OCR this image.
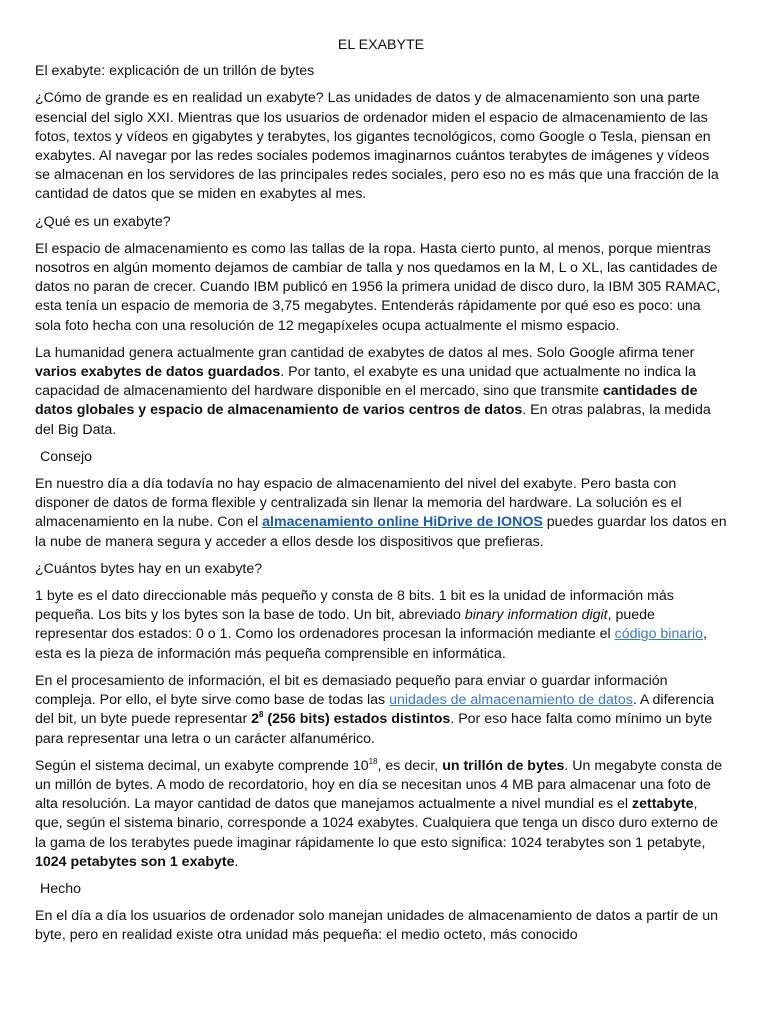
EL EXABYTE

El exabyte: explicación de un trillón de bytes

¿Cómo de grande es en realidad un exabyte? Las unidades de datos y de almacenamiento son una parte esencial del siglo XXI. Mientras que los usuarios de ordenador miden el espacio de almacenamiento de las fotos, textos y vídeos en gigabytes y terabytes, los gigantes tecnológicos, como Google o Tesla, piensan en exabytes. Al navegar por las redes sociales podemos imaginarnos cuántos terabytes de imágenes y vídeos se almacenan en los servidores de las principales redes sociales, pero eso no es más que una fracción de la cantidad de datos que se miden en exabytes al mes.

¿Qué es un exabyte?

El espacio de almacenamiento es como las tallas de la ropa. Hasta cierto punto, al menos, porque mientras nosotros en algún momento dejamos de cambiar de talla y nos quedamos en la M, L o XL, las cantidades de datos no paran de crecer. Cuando IBM publicó en 1956 la primera unidad de disco duro, la IBM 305 RAMAC, esta tenía un espacio de memoria de 3,75 megabytes. Entenderás rápidamente por qué eso es poco: una sola foto hecha con una resolución de 12 megapíxeles ocupa actualmente el mismo espacio.

La humanidad genera actualmente gran cantidad de exabytes de datos al mes. Solo Google afirma tener varios exabytes de datos guardados. Por tanto, el exabyte es una unidad que actualmente no indica la capacidad de almacenamiento del hardware disponible en el mercado, sino que transmite cantidades de datos globales y espacio de almacenamiento de varios centros de datos. En otras palabras, la medida del Big Data.

Consejo

En nuestro día a día todavía no hay espacio de almacenamiento del nivel del exabyte. Pero basta con disponer de datos de forma flexible y centralizada sin llenar la memoria del hardware. La solución es el almacenamiento en la nube. Con el almacenamiento online HiDrive de IONOS puedes guardar los datos en la nube de manera segura y acceder a ellos desde los dispositivos que prefieras.

¿Cuántos bytes hay en un exabyte?

1 byte es el dato direccionable más pequeño y consta de 8 bits. 1 bit es la unidad de información más pequeña. Los bits y los bytes son la base de todo. Un bit, abreviado binary information digit, puede representar dos estados: 0 o 1. Como los ordenadores procesan la información mediante el código binario, esta es la pieza de información más pequeña comprensible en informática.

En el procesamiento de información, el bit es demasiado pequeño para enviar o guardar información compleja. Por ello, el byte sirve como base de todas las unidades de almacenamiento de datos. A diferencia del bit, un byte puede representar $2^8$ (256 bits) estados distintos. Por eso hace falta como mínimo un byte para representar una letra o un carácter alfanumérico.

Según el sistema decimal, un exabyte comprende $10^{18}$, es decir, un trillón de bytes. Un megabyte consta de un millón de bytes. A modo de recordatorio, hoy en día se necesitan unos 4 MB para almacenar una foto de alta resolución. La mayor cantidad de datos que manejamos actualmente a nivel mundial es el zettabyte, que, según el sistema binario, corresponde a 1024 exabytes. Cualquiera que tenga un disco duro externo de la gama de los terabytes puede imaginar rápidamente lo que esto significa: 1024 terabytes son 1 petabyte, 1024 petabytes son 1 exabyte.

Hecho

En el día a día los usuarios de ordenador solo manejan unidades de almacenamiento de datos a partir de un byte, pero en realidad existe otra unidad más pequeña: el medio octeto, más conocido
